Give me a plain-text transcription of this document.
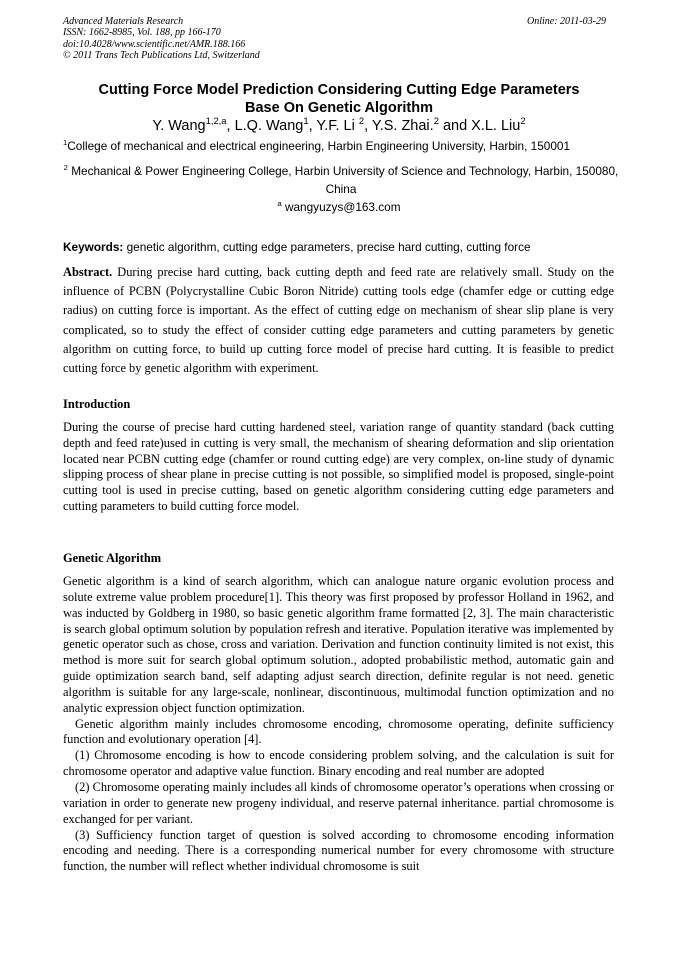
Advanced Materials Research
ISSN: 1662-8985, Vol. 188, pp 166-170
doi:10.4028/www.scientific.net/AMR.188.166
© 2011 Trans Tech Publications Ltd, Switzerland
Online: 2011-03-29
Cutting Force Model Prediction Considering Cutting Edge Parameters
Base On Genetic Algorithm
Y. Wang$^{1,2,a}$, L.Q. Wang$^1$, Y.F. Li $^2$, Y.S. Zhai.$^2$ and X.L. Liu$^2$
$^1$College of mechanical and electrical engineering, Harbin Engineering University, Harbin, 150001
$^2$ Mechanical & Power Engineering College, Harbin University of Science and Technology, Harbin, 150080, China
$^a$ wangyuzys@163.com
Keywords: genetic algorithm, cutting edge parameters, precise hard cutting, cutting force
Abstract. During precise hard cutting, back cutting depth and feed rate are relatively small. Study on the influence of PCBN (Polycrystalline Cubic Boron Nitride) cutting tools edge (chamfer edge or cutting edge radius) on cutting force is important. As the effect of cutting edge on mechanism of shear slip plane is very complicated, so to study the effect of consider cutting edge parameters and cutting parameters by genetic algorithm on cutting force, to build up cutting force model of precise hard cutting. It is feasible to predict cutting force by genetic algorithm with experiment.
Introduction
During the course of precise hard cutting hardened steel, variation range of quantity standard (back cutting depth and feed rate)used in cutting is very small, the mechanism of shearing deformation and slip orientation located near PCBN cutting edge (chamfer or round cutting edge) are very complex, on-line study of dynamic slipping process of shear plane in precise cutting is not possible, so simplified model is proposed, single-point cutting tool is used in precise cutting, based on genetic algorithm considering cutting edge parameters and cutting parameters to build cutting force model.
Genetic Algorithm

Genetic algorithm is a kind of search algorithm, which can analogue nature organic evolution process and solute extreme value problem procedure[1]. This theory was first proposed by professor Holland in 1962, and was inducted by Goldberg in 1980, so basic genetic algorithm frame formatted [2, 3]. The main characteristic is search global optimum solution by population refresh and iterative. Population iterative was implemented by genetic operator such as chose, cross and variation. Derivation and function continuity limited is not exist, this method is more suit for search global optimum solution., adopted probabilistic method, automatic gain and guide optimization search band, self adapting adjust search direction, definite regular is not need. genetic algorithm is suitable for any large-scale, nonlinear, discontinuous, multimodal function optimization and no analytic expression object function optimization.

Genetic algorithm mainly includes chromosome encoding, chromosome operating, definite sufficiency function and evolutionary operation [4].

(1) Chromosome encoding is how to encode considering problem solving, and the calculation is suit for chromosome operator and adaptive value function. Binary encoding and real number are adopted

(2) Chromosome operating mainly includes all kinds of chromosome operator’s operations when crossing or variation in order to generate new progeny individual, and reserve paternal inheritance. partial chromosome is exchanged for per variant.

(3) Sufficiency function target of question is solved according to chromosome encoding information encoding and needing. There is a corresponding numerical number for every chromosome with structure function, the number will reflect whether individual chromosome is suit
